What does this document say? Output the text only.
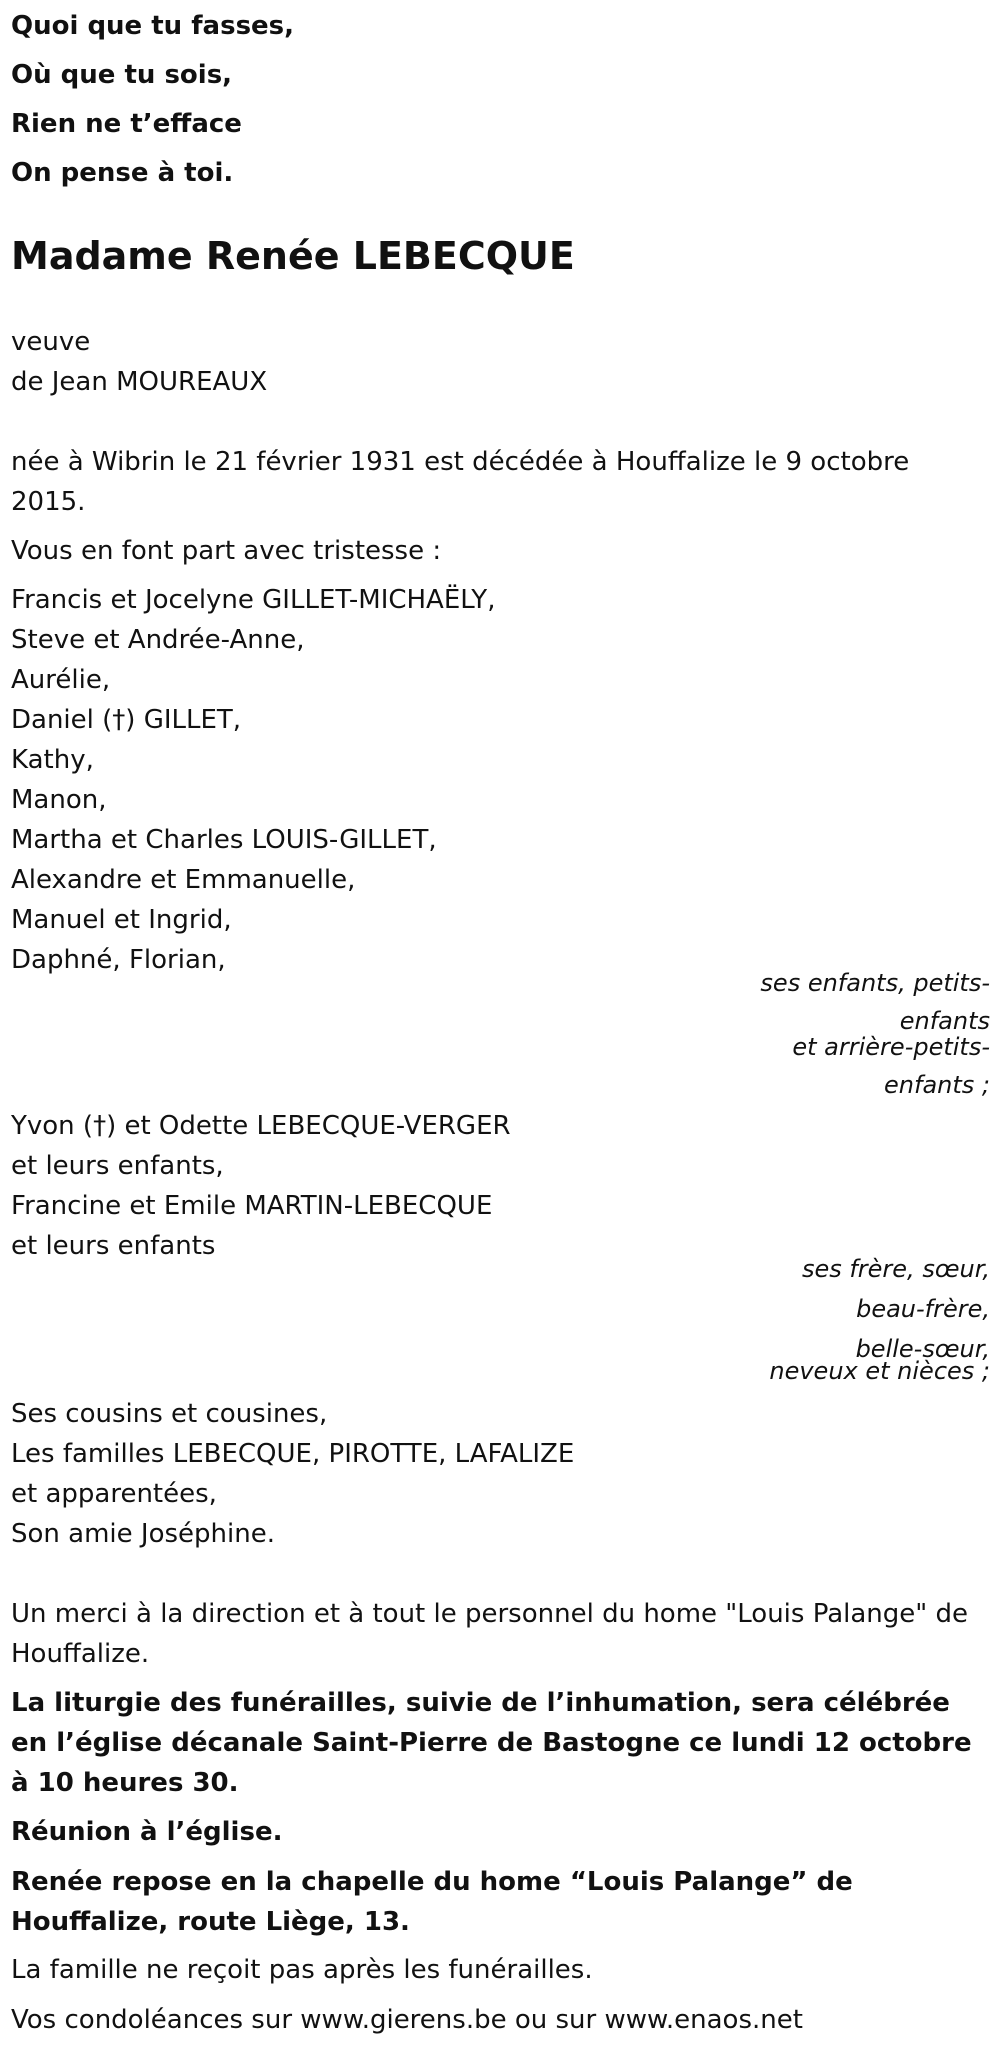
Quoi que tu fasses,
Où que tu sois,
Rien ne t’efface
On pense à toi.
Madame Renée LEBECQUE
veuve
de Jean MOUREAUX
née à Wibrin le 21 février 1931 est décédée à Houffalize le 9 octobre 2015.
Vous en font part avec tristesse :
Francis et Jocelyne GILLET-MICHAËLY,
Steve et Andrée-Anne,
Aurélie,
Daniel (†) GILLET,
Kathy,
Manon,
Martha et Charles LOUIS-GILLET,
Alexandre et Emmanuelle,
Manuel et Ingrid,
Daphné, Florian,
ses enfants, petits-
enfants
et arrière-petits-
enfants ;
Yvon (†) et Odette LEBECQUE-VERGER
et leurs enfants,
Francine et Emile MARTIN-LEBECQUE
et leurs enfants
ses frère, sœur,
beau-frère,
belle-sœur,
neveux et nièces ;
Ses cousins et cousines,
Les familles LEBECQUE, PIROTTE, LAFALIZE
et apparentées,
Son amie Joséphine.
Un merci à la direction et à tout le personnel du home "Louis Palange" de Houffalize.
La liturgie des funérailles, suivie de l’inhumation, sera célébrée en l’église décanale Saint-Pierre de Bastogne ce lundi 12 octobre à 10 heures 30.
Réunion à l’église.
Renée repose en la chapelle du home “Louis Palange” de Houffalize, route Liège, 13.
La famille ne reçoit pas après les funérailles.
Vos condoléances sur www.gierens.be ou sur www.enaos.net
